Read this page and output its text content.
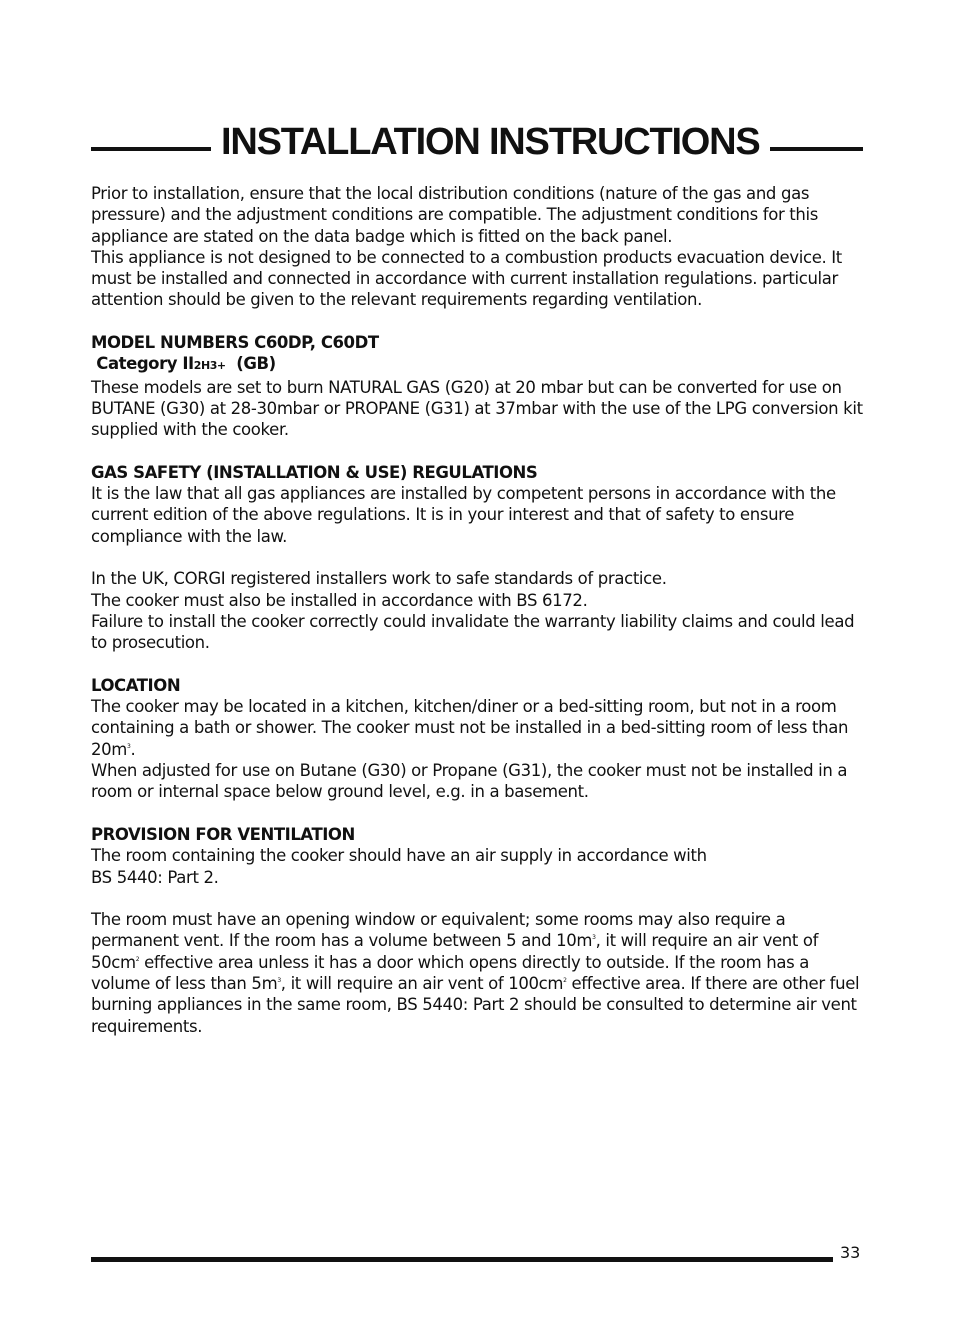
INSTALLATION INSTRUCTIONS

Prior to installation, ensure that the local distribution conditions (nature of the gas and gas pressure) and the adjustment conditions are compatible. The adjustment conditions for this appliance are stated on the data badge which is fitted on the back panel.

This appliance is not designed to be connected to a combustion products evacuation device. It must be installed and connected in accordance with current installation regulations. particular attention should be given to the relevant requirements regarding ventilation.

MODEL NUMBERS C60DP, C60DT

Category II2H3+ (GB)

These models are set to burn NATURAL GAS (G20) at 20 mbar but can be converted for use on BUTANE (G30) at 28-30mbar or PROPANE (G31) at 37mbar with the use of the LPG conversion kit supplied with the cooker.

GAS SAFETY (INSTALLATION & USE) REGULATIONS

It is the law that all gas appliances are installed by competent persons in accordance with the current edition of the above regulations. It is in your interest and that of safety to ensure compliance with the law.

In the UK, CORGI registered installers work to safe standards of practice.

The cooker must also be installed in accordance with BS 6172.

Failure to install the cooker correctly could invalidate the warranty liability claims and could lead to prosecution.

LOCATION

The cooker may be located in a kitchen, kitchen/diner or a bed-sitting room, but not in a room containing a bath or shower. The cooker must not be installed in a bed-sitting room of less than $20m^3$.

When adjusted for use on Butane (G30) or Propane (G31), the cooker must not be installed in a room or internal space below ground level, e.g. in a basement.

PROVISION FOR VENTILATION

The room containing the cooker should have an air supply in accordance with

BS 5440: Part 2.

The room must have an opening window or equivalent; some rooms may also require a permanent vent. If the room has a volume between 5 and $10m^3$, it will require an air vent of $50cm^2$ effective area unless it has a door which opens directly to outside. If the room has a volume of less than $5m^3$, it will require an air vent of $100cm^2$ effective area. If there are other fuel burning appliances in the same room, BS 5440: Part 2 should be consulted to determine air vent requirements.

33
